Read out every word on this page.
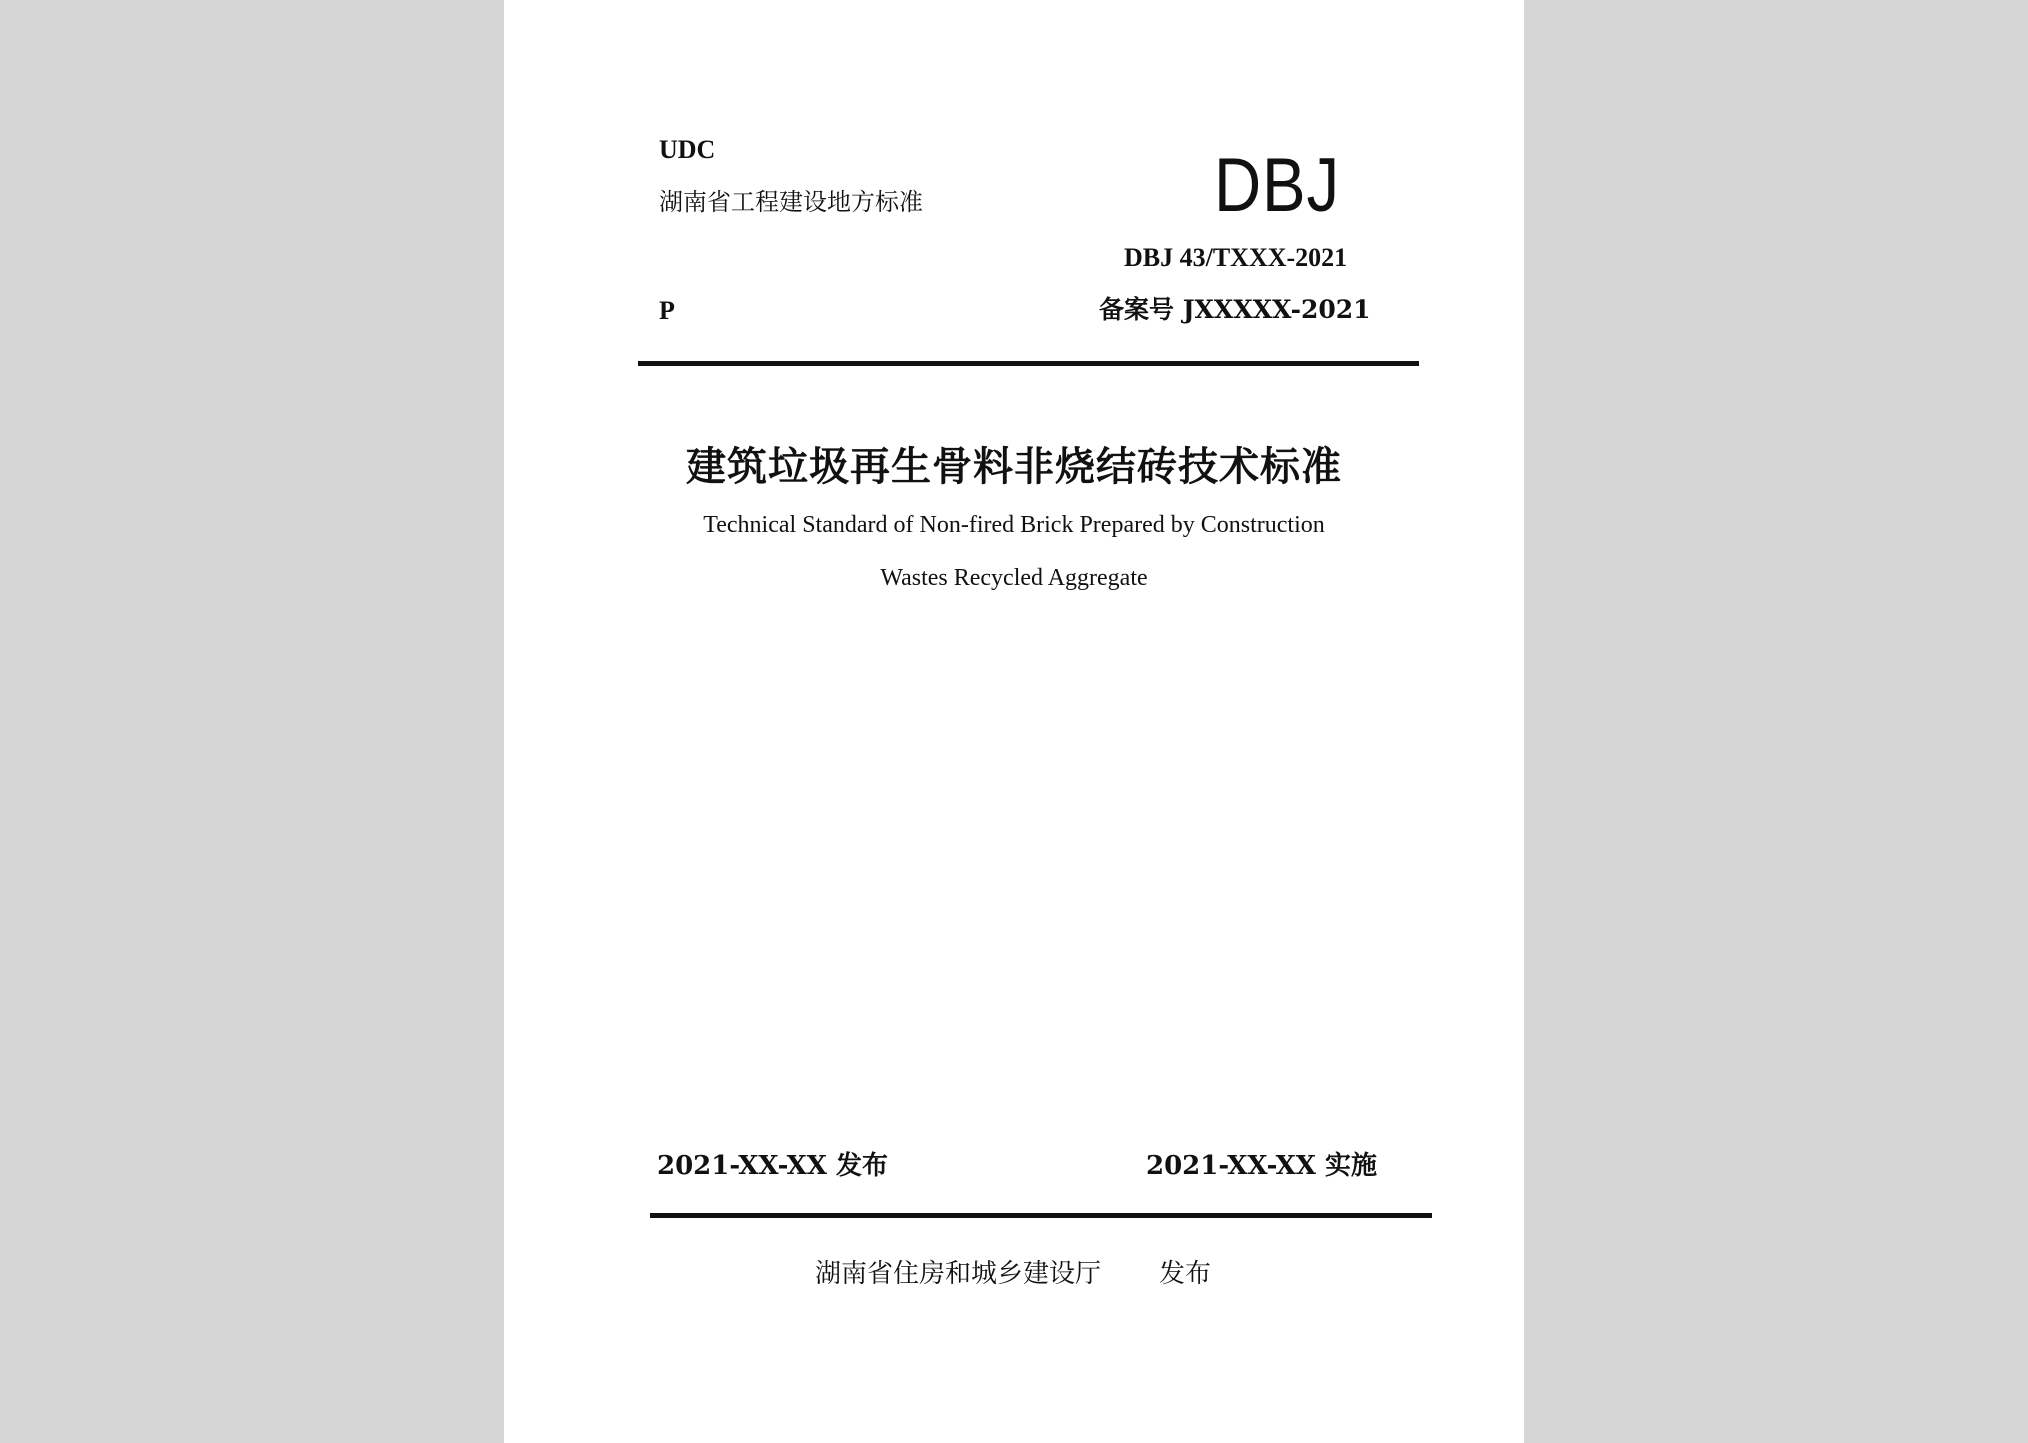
UDC
湖南省工程建设地方标准	DBJ
DBJ 43/TXXX-2021
P	备案号 JXXXXX-2021
建筑垃圾再生骨料非烧结砖技术标准
Technical Standard of Non-fired Brick Prepared by Construction
Wastes Recycled Aggregate
2021-XX-XX 发布	2021-XX-XX 实施
湖南省住房和城乡建设厅 发布
